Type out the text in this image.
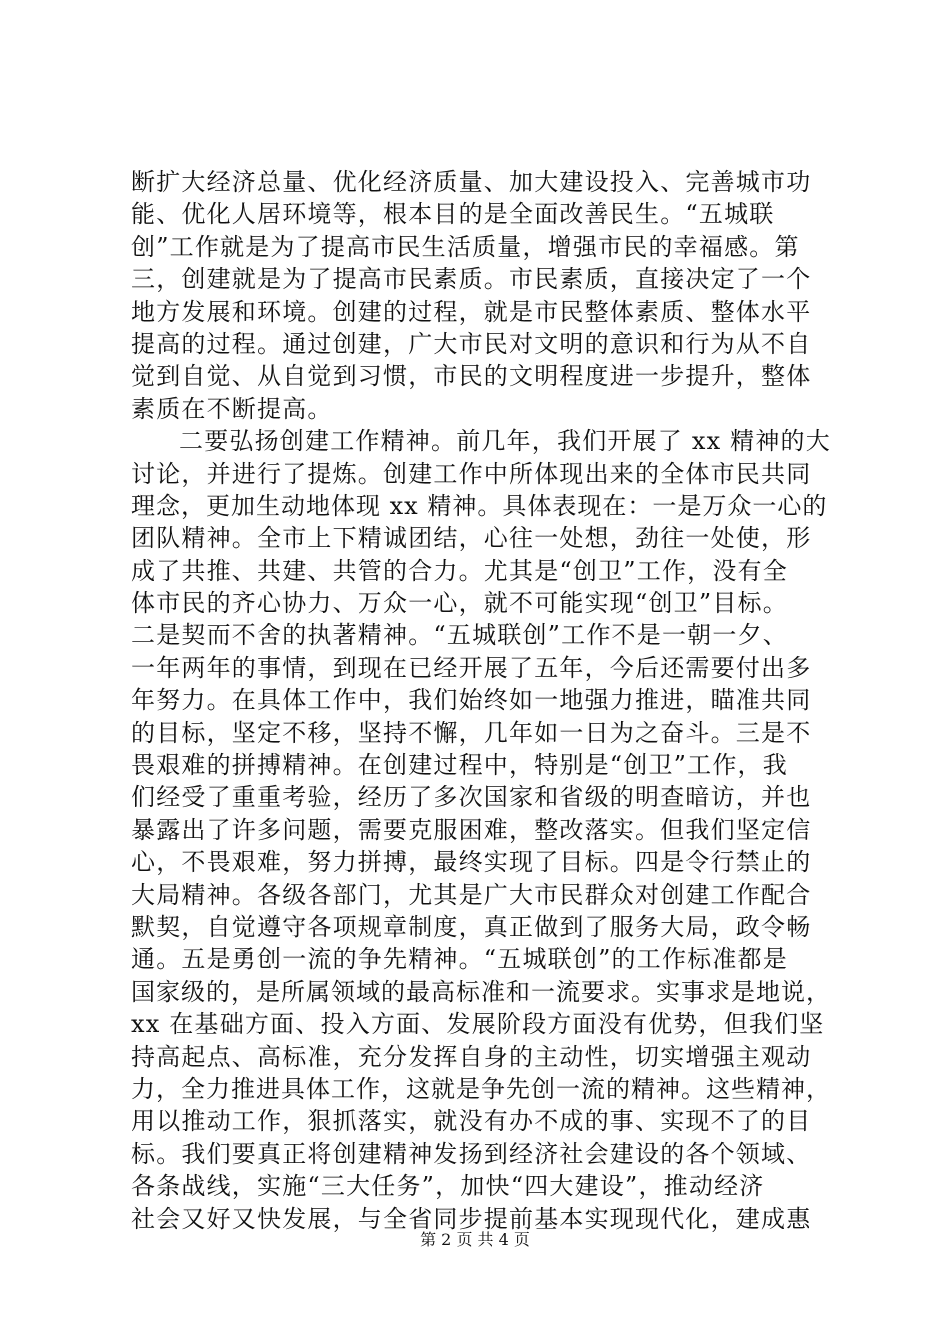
断扩大经济总量、优化经济质量、加大建设投入、完善城市功
能、优化人居环境等，根本目的是全面改善民生。“五城联
创”工作就是为了提高市民生活质量，增强市民的幸福感。第
三，创建就是为了提高市民素质。市民素质，直接决定了一个
地方发展和环境。创建的过程，就是市民整体素质、整体水平
提高的过程。通过创建，广大市民对文明的意识和行为从不自
觉到自觉、从自觉到习惯，市民的文明程度进一步提升，整体
素质在不断提高。
二要弘扬创建工作精神。前几年，我们开展了 xx 精神的大
讨论，并进行了提炼。创建工作中所体现出来的全体市民共同
理念，更加生动地体现 xx 精神。具体表现在：一是万众一心的
团队精神。全市上下精诚团结，心往一处想，劲往一处使，形
成了共推、共建、共管的合力。尤其是“创卫”工作，没有全
体市民的齐心协力、万众一心，就不可能实现“创卫”目标。
二是契而不舍的执著精神。“五城联创”工作不是一朝一夕、
一年两年的事情，到现在已经开展了五年，今后还需要付出多
年努力。在具体工作中，我们始终如一地强力推进，瞄准共同
的目标，坚定不移，坚持不懈，几年如一日为之奋斗。三是不
畏艰难的拼搏精神。在创建过程中，特别是“创卫”工作，我
们经受了重重考验，经历了多次国家和省级的明查暗访，并也
暴露出了许多问题，需要克服困难，整改落实。但我们坚定信
心，不畏艰难，努力拼搏，最终实现了目标。四是令行禁止的
大局精神。各级各部门，尤其是广大市民群众对创建工作配合
默契，自觉遵守各项规章制度，真正做到了服务大局，政令畅
通。五是勇创一流的争先精神。“五城联创”的工作标准都是
国家级的，是所属领域的最高标准和一流要求。实事求是地说，
xx 在基础方面、投入方面、发展阶段方面没有优势，但我们坚
持高起点、高标准，充分发挥自身的主动性，切实增强主观动
力，全力推进具体工作，这就是争先创一流的精神。这些精神，
用以推动工作，狠抓落实，就没有办不成的事、实现不了的目
标。我们要真正将创建精神发扬到经济社会建设的各个领域、
各条战线，实施“三大任务”，加快“四大建设”，推动经济
社会又好又快发展，与全省同步提前基本实现现代化，建成惠
第 2 页 共 4 页
